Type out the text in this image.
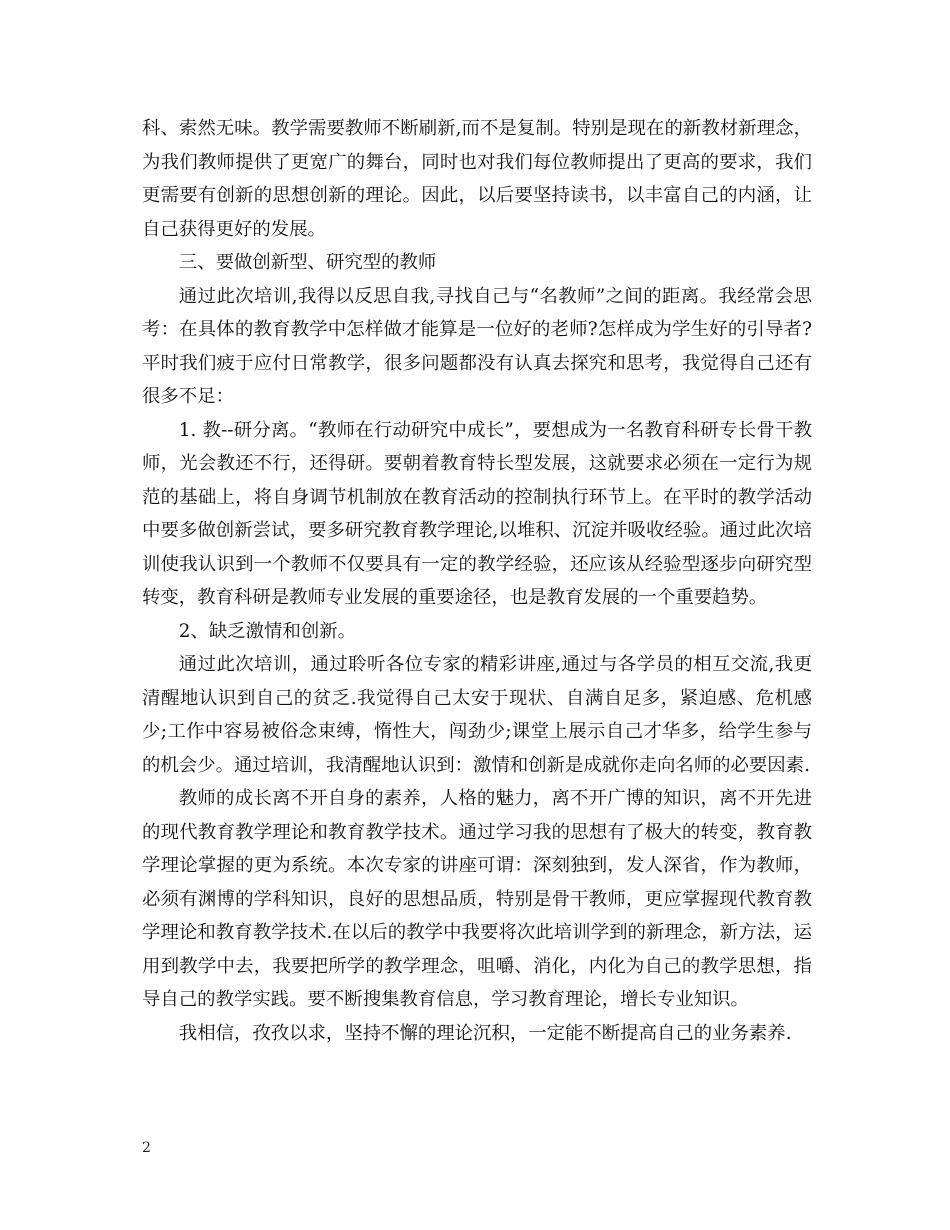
科、索然无味。教学需要教师不断刷新,而不是复制。特别是现在的新教材新理念，为我们教师提供了更宽广的舞台，同时也对我们每位教师提出了更高的要求，我们更需要有创新的思想创新的理论。因此，以后要坚持读书，以丰富自己的内涵，让自己获得更好的发展。

三、要做创新型、研究型的教师

通过此次培训,我得以反思自我,寻找自己与“名教师”之间的距离。我经常会思考：在具体的教育教学中怎样做才能算是一位好的老师?怎样成为学生好的引导者?平时我们疲于应付日常教学，很多问题都没有认真去探究和思考，我觉得自己还有很多不足：

1. 教--研分离。“教师在行动研究中成长”，要想成为一名教育科研专长骨干教师，光会教还不行，还得研。要朝着教育特长型发展，这就要求必须在一定行为规范的基础上，将自身调节机制放在教育活动的控制执行环节上。在平时的教学活动中要多做创新尝试，要多研究教育教学理论,以堆积、沉淀并吸收经验。通过此次培训使我认识到一个教师不仅要具有一定的教学经验，还应该从经验型逐步向研究型转变，教育科研是教师专业发展的重要途径，也是教育发展的一个重要趋势。

2、缺乏激情和创新。

通过此次培训，通过聆听各位专家的精彩讲座,通过与各学员的相互交流,我更清醒地认识到自己的贫乏.我觉得自己太安于现状、自满自足多，紧迫感、危机感少;工作中容易被俗念束缚，惰性大，闯劲少;课堂上展示自己才华多，给学生参与的机会少。通过培训，我清醒地认识到：激情和创新是成就你走向名师的必要因素.

教师的成长离不开自身的素养，人格的魅力，离不开广博的知识，离不开先进的现代教育教学理论和教育教学技术。通过学习我的思想有了极大的转变，教育教学理论掌握的更为系统。本次专家的讲座可谓：深刻独到，发人深省，作为教师，必须有渊博的学科知识，良好的思想品质，特别是骨干教师，更应掌握现代教育教学理论和教育教学技术.在以后的教学中我要将次此培训学到的新理念，新方法，运用到教学中去，我要把所学的教学理念，咀嚼、消化，内化为自己的教学思想，指导自己的教学实践。要不断搜集教育信息，学习教育理论，增长专业知识。

我相信，孜孜以求，坚持不懈的理论沉积，一定能不断提高自己的业务素养.

2
